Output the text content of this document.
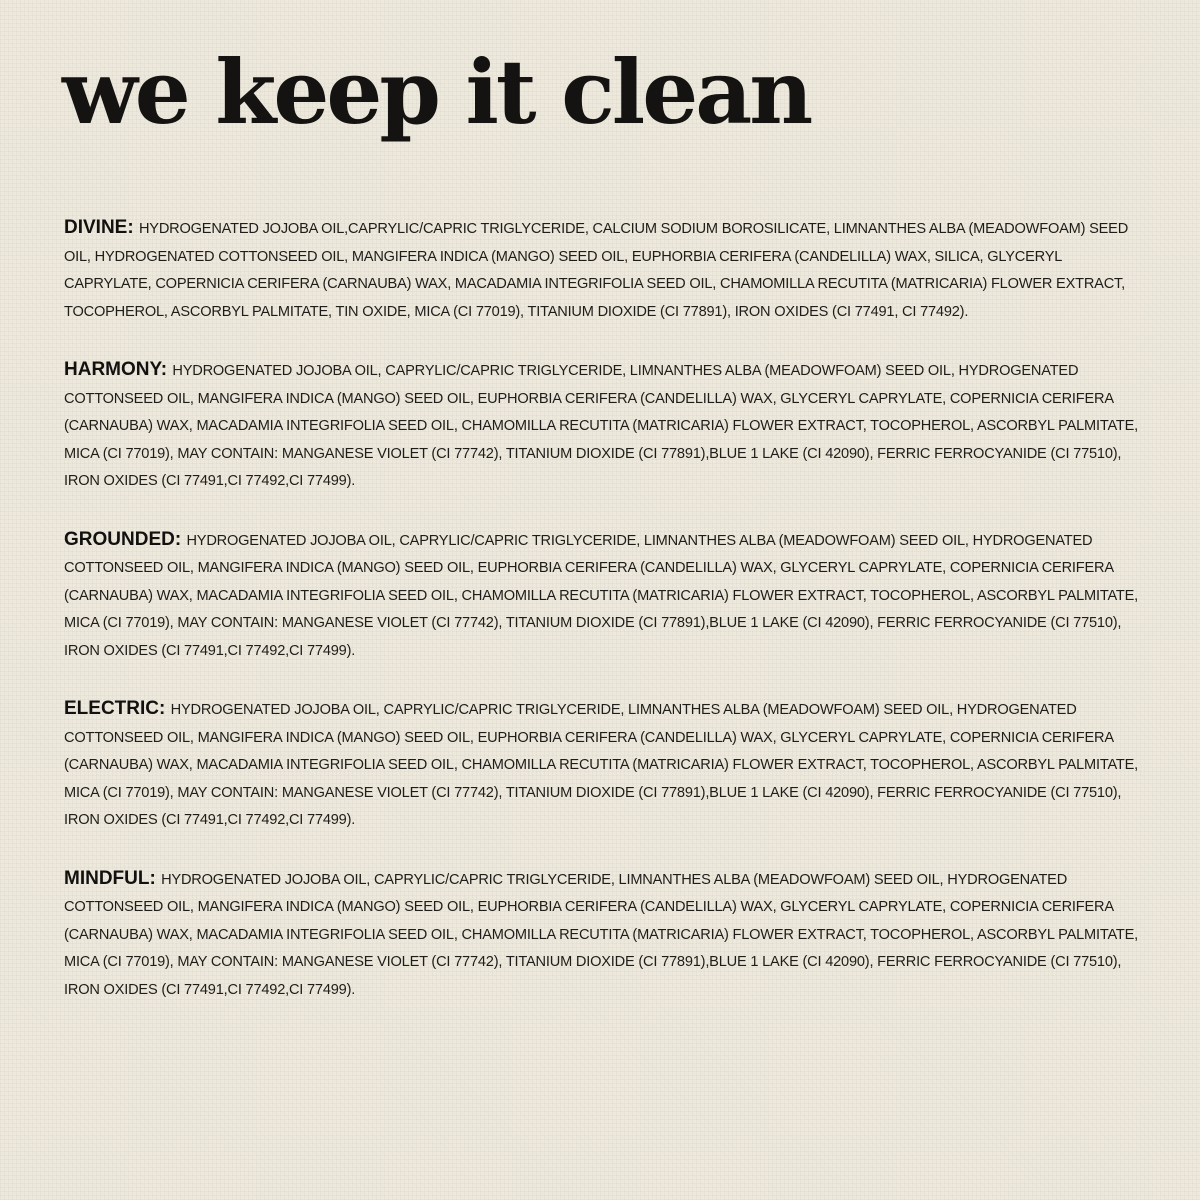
we keep it clean

DIVINE: HYDROGENATED JOJOBA OIL,CAPRYLIC/CAPRIC TRIGLYCERIDE, CALCIUM SODIUM BOROSILICATE, LIMNANTHES ALBA (MEADOWFOAM) SEED OIL, HYDROGENATED COTTONSEED OIL, MANGIFERA INDICA (MANGO) SEED OIL, EUPHORBIA CERIFERA (CANDELILLA) WAX, SILICA, GLYCERYL CAPRYLATE, COPERNICIA CERIFERA (CARNAUBA) WAX, MACADAMIA INTEGRIFOLIA SEED OIL, CHAMOMILLA RECUTITA (MATRICARIA) FLOWER EXTRACT, TOCOPHEROL, ASCORBYL PALMITATE, TIN OXIDE, MICA (CI 77019), TITANIUM DIOXIDE (CI 77891), IRON OXIDES (CI 77491, CI 77492).

HARMONY: HYDROGENATED JOJOBA OIL, CAPRYLIC/CAPRIC TRIGLYCERIDE, LIMNANTHES ALBA (MEADOWFOAM) SEED OIL, HYDROGENATED COTTONSEED OIL, MANGIFERA INDICA (MANGO) SEED OIL, EUPHORBIA CERIFERA (CANDELILLA) WAX, GLYCERYL CAPRYLATE, COPERNICIA CERIFERA (CARNAUBA) WAX, MACADAMIA INTEGRIFOLIA SEED OIL, CHAMOMILLA RECUTITA (MATRICARIA) FLOWER EXTRACT, TOCOPHEROL, ASCORBYL PALMITATE, MICA (CI 77019), MAY CONTAIN: MANGANESE VIOLET (CI 77742), TITANIUM DIOXIDE (CI 77891),BLUE 1 LAKE (CI 42090), FERRIC FERROCYANIDE (CI 77510), IRON OXIDES (CI 77491,CI 77492,CI 77499).

GROUNDED: HYDROGENATED JOJOBA OIL, CAPRYLIC/CAPRIC TRIGLYCERIDE, LIMNANTHES ALBA (MEADOWFOAM) SEED OIL, HYDROGENATED COTTONSEED OIL, MANGIFERA INDICA (MANGO) SEED OIL, EUPHORBIA CERIFERA (CANDELILLA) WAX, GLYCERYL CAPRYLATE, COPERNICIA CERIFERA (CARNAUBA) WAX, MACADAMIA INTEGRIFOLIA SEED OIL, CHAMOMILLA RECUTITA (MATRICARIA) FLOWER EXTRACT, TOCOPHEROL, ASCORBYL PALMITATE, MICA (CI 77019), MAY CONTAIN: MANGANESE VIOLET (CI 77742), TITANIUM DIOXIDE (CI 77891),BLUE 1 LAKE (CI 42090), FERRIC FERROCYANIDE (CI 77510), IRON OXIDES (CI 77491,CI 77492,CI 77499).

ELECTRIC: HYDROGENATED JOJOBA OIL, CAPRYLIC/CAPRIC TRIGLYCERIDE, LIMNANTHES ALBA (MEADOWFOAM) SEED OIL, HYDROGENATED COTTONSEED OIL, MANGIFERA INDICA (MANGO) SEED OIL, EUPHORBIA CERIFERA (CANDELILLA) WAX, GLYCERYL CAPRYLATE, COPERNICIA CERIFERA (CARNAUBA) WAX, MACADAMIA INTEGRIFOLIA SEED OIL, CHAMOMILLA RECUTITA (MATRICARIA) FLOWER EXTRACT, TOCOPHEROL, ASCORBYL PALMITATE, MICA (CI 77019), MAY CONTAIN: MANGANESE VIOLET (CI 77742), TITANIUM DIOXIDE (CI 77891),BLUE 1 LAKE (CI 42090), FERRIC FERROCYANIDE (CI 77510), IRON OXIDES (CI 77491,CI 77492,CI 77499).

MINDFUL: HYDROGENATED JOJOBA OIL, CAPRYLIC/CAPRIC TRIGLYCERIDE, LIMNANTHES ALBA (MEADOWFOAM) SEED OIL, HYDROGENATED COTTONSEED OIL, MANGIFERA INDICA (MANGO) SEED OIL, EUPHORBIA CERIFERA (CANDELILLA) WAX, GLYCERYL CAPRYLATE, COPERNICIA CERIFERA (CARNAUBA) WAX, MACADAMIA INTEGRIFOLIA SEED OIL, CHAMOMILLA RECUTITA (MATRICARIA) FLOWER EXTRACT, TOCOPHEROL, ASCORBYL PALMITATE, MICA (CI 77019), MAY CONTAIN: MANGANESE VIOLET (CI 77742), TITANIUM DIOXIDE (CI 77891),BLUE 1 LAKE (CI 42090), FERRIC FERROCYANIDE (CI 77510), IRON OXIDES (CI 77491,CI 77492,CI 77499).
